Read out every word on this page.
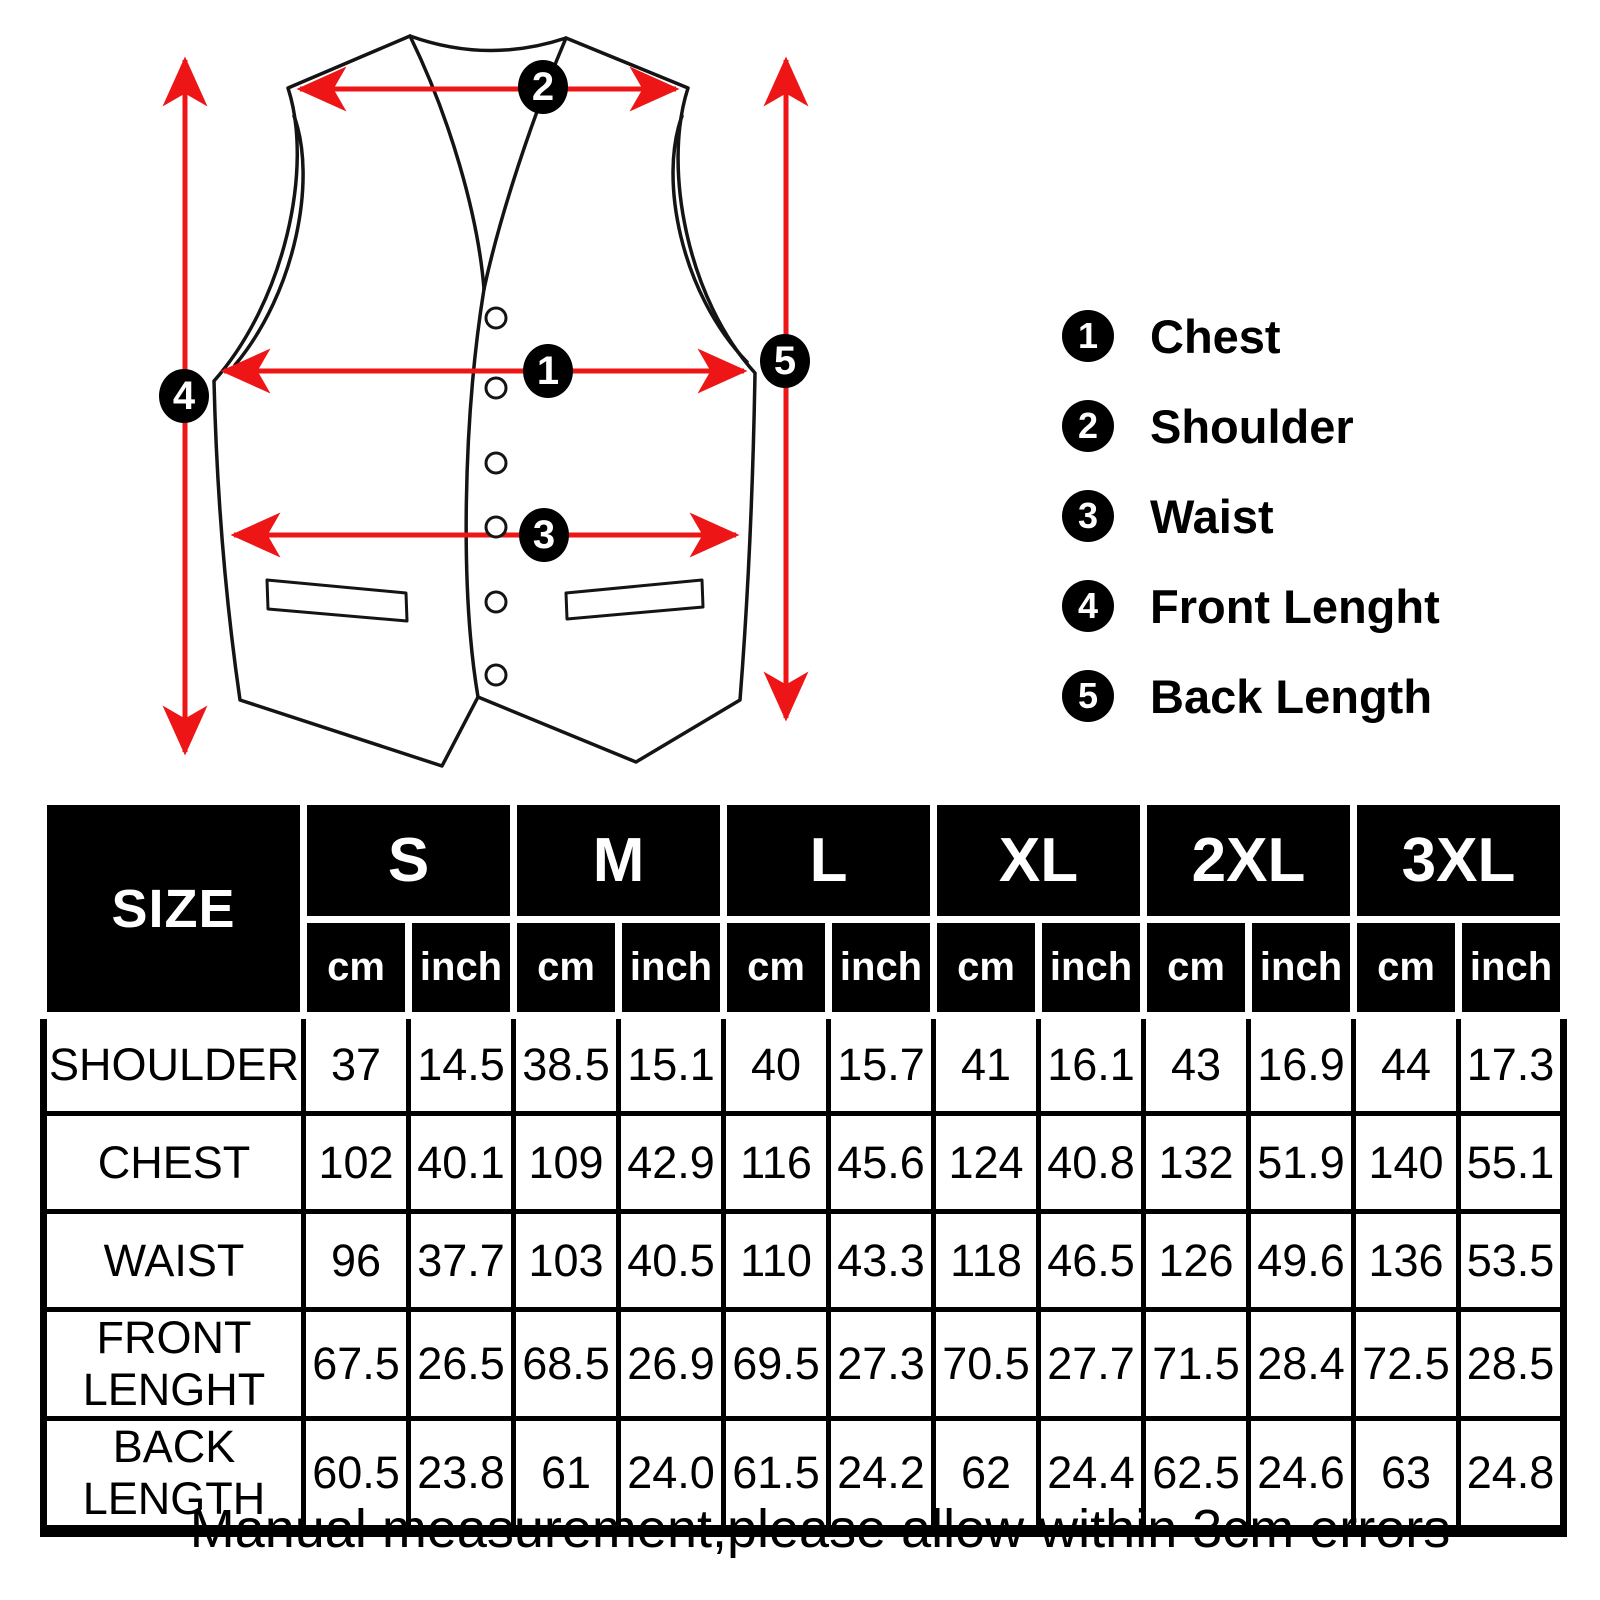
1
2
3
4
5
1	Chest
2	Shoulder
3	Waist
4	Front Lenght
5	Back Length
SIZE	S		M		L		XL		2XL		3XL	
	cm	inch	cm	inch	cm	inch	cm	inch	cm	inch	cm	inch
SHOULDER	37	14.5	38.5	15.1	40	15.7	41	16.1	43	16.9	44	17.3
CHEST	102	40.1	109	42.9	116	45.6	124	40.8	132	51.9	140	55.1
WAIST	96	37.7	103	40.5	110	43.3	118	46.5	126	49.6	136	53.5
FRONT LENGHT	67.5	26.5	68.5	26.9	69.5	27.3	70.5	27.7	71.5	28.4	72.5	28.5
BACK LENGTH	60.5	23.8	61	24.0	61.5	24.2	62	24.4	62.5	24.6	63	24.8
Manual measurement,please allow within 3cm errors
